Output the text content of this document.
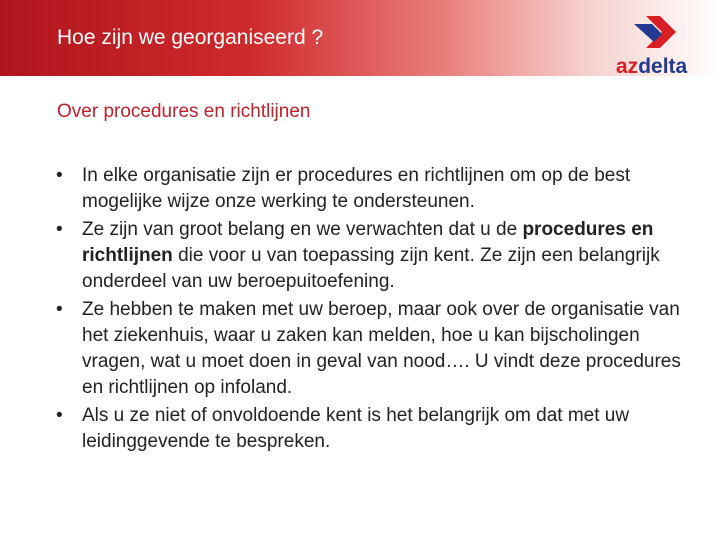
Hoe zijn we georganiseerd ?
azdelta
Over procedures en richtlijnen
• In elke organisatie zijn er procedures en richtlijnen om op de best mogelijke wijze onze werking te ondersteunen.
• Ze zijn van groot belang en we verwachten dat u de procedures en richtlijnen die voor u van toepassing zijn kent. Ze zijn een belangrijk onderdeel van uw beroepuitoefening.
• Ze hebben te maken met uw beroep, maar ook over de organisatie van het ziekenhuis, waar u zaken kan melden, hoe u kan bijscholingen vragen, wat u moet doen in geval van nood…. U vindt deze procedures en richtlijnen op infoland.
• Als u ze niet of onvoldoende kent is het belangrijk om dat met uw leidinggevende te bespreken.
